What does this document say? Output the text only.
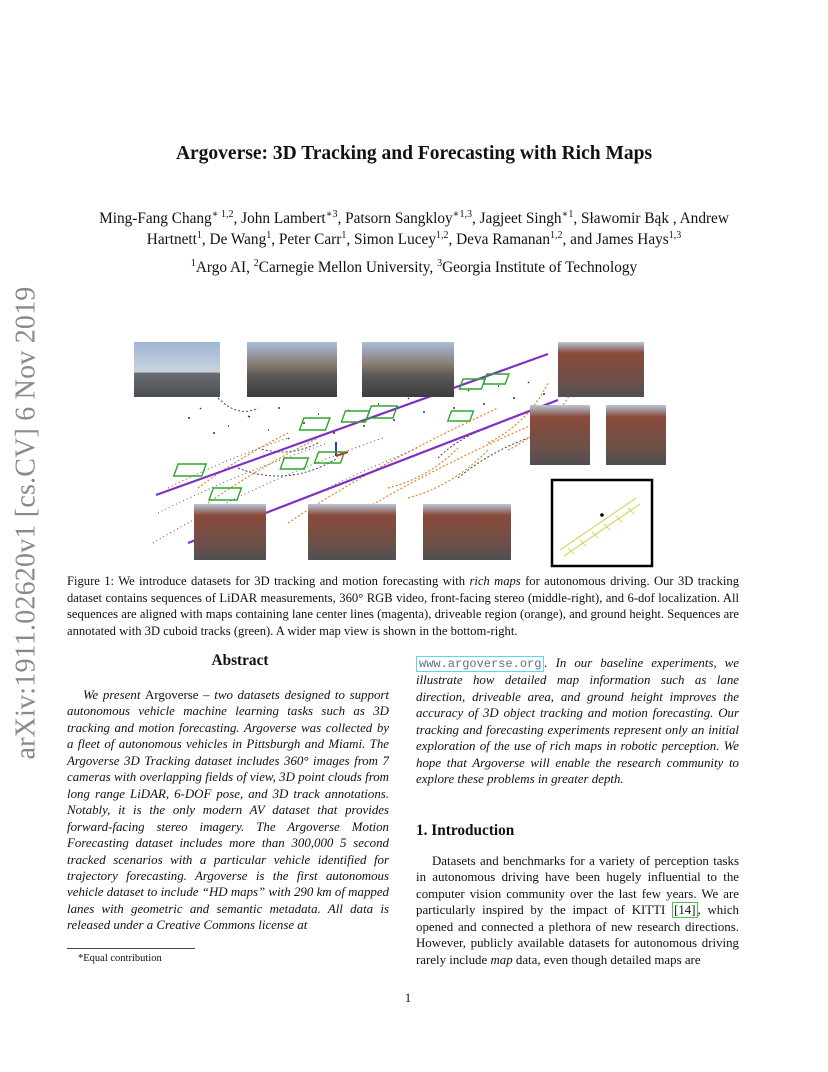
arXiv:1911.02620v1 [cs.CV] 6 Nov 2019
Argoverse: 3D Tracking and Forecasting with Rich Maps
Ming-Fang Chang$^{∗ 1,2}$, John Lambert$^{∗3}$, Patsorn Sangkloy$^{∗1,3}$, Jagjeet Singh$^{∗1}$, Sławomir Bąk , Andrew
Hartnett$^1$, De Wang$^1$, Peter Carr$^1$, Simon Lucey$^{1,2}$, Deva Ramanan$^{1,2}$, and James Hays$^{1,3}$
$^1$Argo AI, $^2$Carnegie Mellon University, $^3$Georgia Institute of Technology

Figure 1: We introduce datasets for 3D tracking and motion forecasting with rich maps for autonomous driving. Our 3D tracking dataset contains sequences of LiDAR measurements, 360° RGB video, front-facing stereo (middle-right), and 6-dof localization. All sequences are aligned with maps containing lane center lines (magenta), driveable region (orange), and ground height. Sequences are annotated with 3D cuboid tracks (green). A wider map view is shown in the bottom-right.

Abstract

We present Argoverse – two datasets designed to support autonomous vehicle machine learning tasks such as 3D tracking and motion forecasting. Argoverse was collected by a fleet of autonomous vehicles in Pittsburgh and Miami. The Argoverse 3D Tracking dataset includes 360° images from 7 cameras with overlapping fields of view, 3D point clouds from long range LiDAR, 6-DOF pose, and 3D track annotations. Notably, it is the only modern AV dataset that provides forward-facing stereo imagery. The Argoverse Motion Forecasting dataset includes more than 300,000 5 second tracked scenarios with a particular vehicle identified for trajectory forecasting. Argoverse is the first autonomous vehicle dataset to include “HD maps” with 290 km of mapped lanes with geometric and semantic metadata. All data is released under a Creative Commons license at

*Equal contribution

www.argoverse.org . In our baseline experiments, we illustrate how detailed map information such as lane direction, driveable area, and ground height improves the accuracy of 3D object tracking and motion forecasting. Our tracking and forecasting experiments represent only an initial exploration of the use of rich maps in robotic perception. We hope that Argoverse will enable the research community to explore these problems in greater depth.

1. Introduction

Datasets and benchmarks for a variety of perception tasks in autonomous driving have been hugely influential to the computer vision community over the last few years. We are particularly inspired by the impact of KITTI [14] , which opened and connected a plethora of new research directions. However, publicly available datasets for autonomous driving rarely include map data, even though detailed maps are

1
